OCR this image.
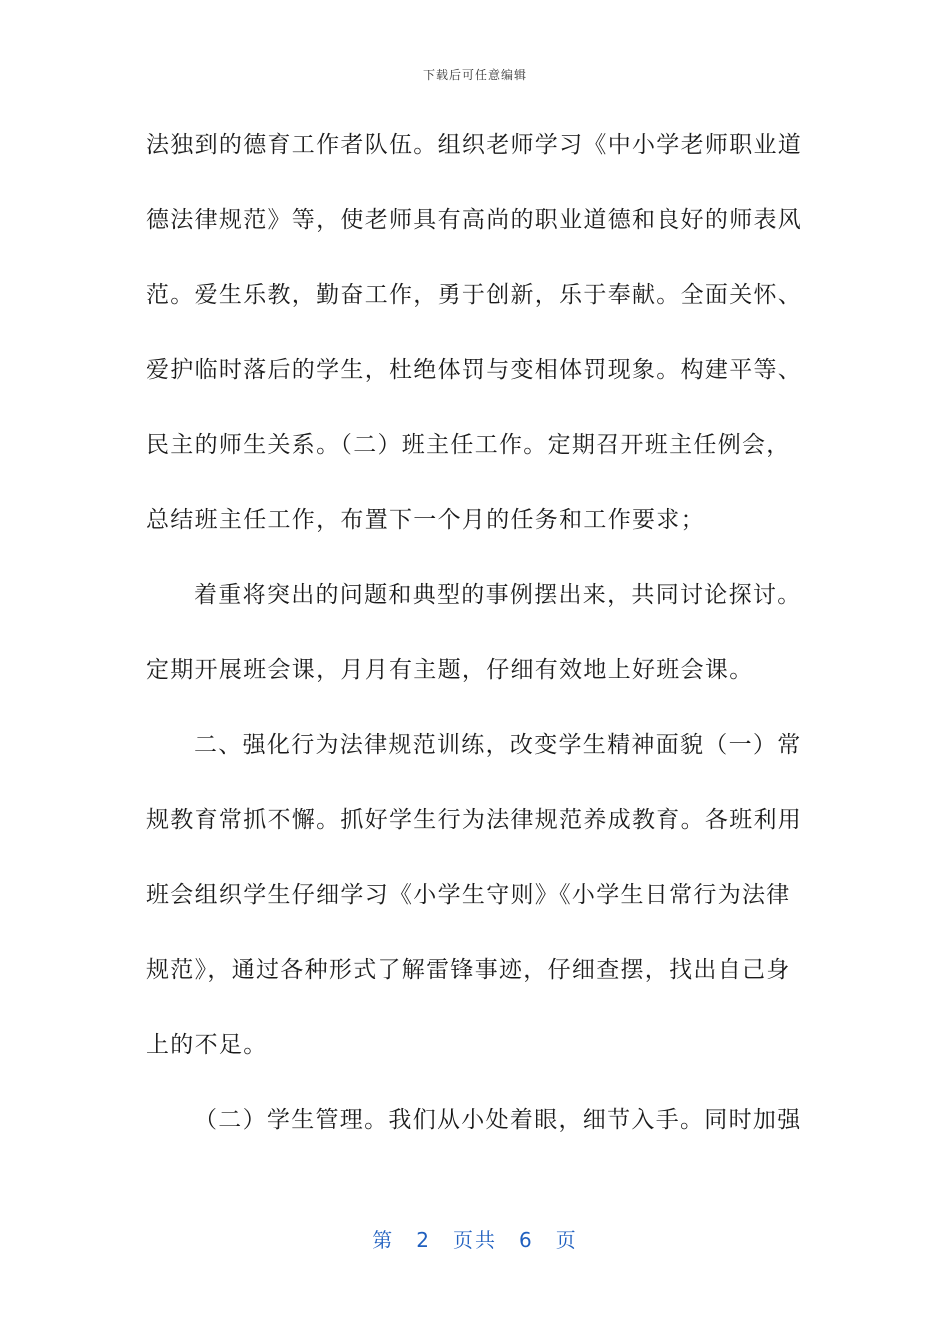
下载后可任意编辑
法独到的德育工作者队伍。组织老师学习《中小学老师职业道
德法律规范》等，使老师具有高尚的职业道德和良好的师表风
范。爱生乐教，勤奋工作，勇于创新，乐于奉献。全面关怀、
爱护临时落后的学生，杜绝体罚与变相体罚现象。构建平等、
民主的师生关系。（二）班主任工作。定期召开班主任例会，
总结班主任工作，布置下一个月的任务和工作要求；
着重将突出的问题和典型的事例摆出来，共同讨论探讨。
定期开展班会课，月月有主题，仔细有效地上好班会课。
二、强化行为法律规范训练，改变学生精神面貌（一）常
规教育常抓不懈。抓好学生行为法律规范养成教育。各班利用
班会组织学生仔细学习《小学生守则》《小学生日常行为法律
规范》，通过各种形式了解雷锋事迹，仔细查摆，找出自己身
上的不足。
（二）学生管理。我们从小处着眼，细节入手。同时加强
第 2 页共 6 页
